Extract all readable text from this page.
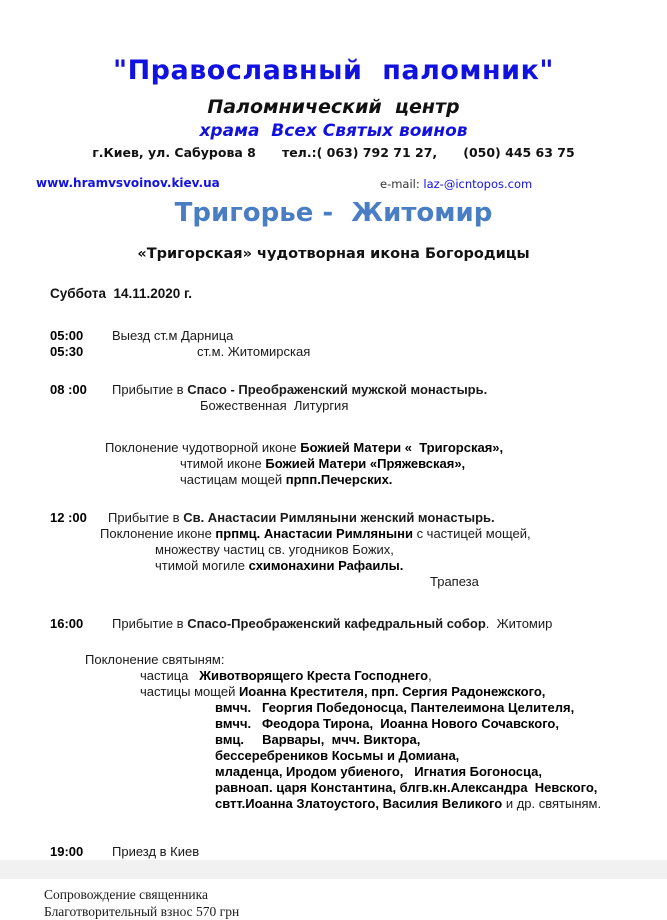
"Православный  паломник"
Паломнический  центр
храма  Всех Святых воинов
г.Киев, ул. Сабурова 8      тел.:( 063) 792 71 27,      (050) 445 63 75
www.hramvsvoinov.kiev.ua	e-mail: laz-@icntopos.com
Тригорье -  Житомир
«Тригорская» чудотворная икона Богородицы
Суббота  14.11.2020 г.
05:00 Выезд ст.м Дарница
05:30	ст.м. Житомирская
08 :00 Прибытие в Спасо - Преображенский мужской монастырь.
Божественная  Литургия
Поклонение чудотворной иконе Божией Матери «  Тригорская»,
чтимой иконе Божией Матери «Пряжевская»,
частицам мощей прпп.Печерских.
12 :00 Прибытие в Св. Анастасии Римляныни женский монастырь.
Поклонение иконе прпмц. Анастасии Римляныни с частицей мощей,
множеству частиц св. угодников Божих,
чтимой могиле схимонахини Рафаилы.
Трапеза
16:00 Прибытие в Спасо-Преображенский кафедральный собор.  Житомир
Поклонение святыням:
частица   Животворящего Креста Господнего,
частицы мощей Иоанна Крестителя, прп. Сергия Радонежского,
вмчч.   Георгия Победоносца, Пантелеимона Целителя,
вмчч.   Феодора Тирона,  Иоанна Нового Сочавского,
вмц.     Варвары,  мчч. Виктора,
бессеребреников Косьмы и Домиана,
младенца, Иродом убиеного,   Игнатия Богоносца,
равноап. царя Константина, блгв.кн.Александра  Невского,
свтт.Иоанна Златоустого, Василия Великого и др. святыням.
19:00 Приезд в Киев
Сопровождение священника
Благотворительный взнос 570 грн
